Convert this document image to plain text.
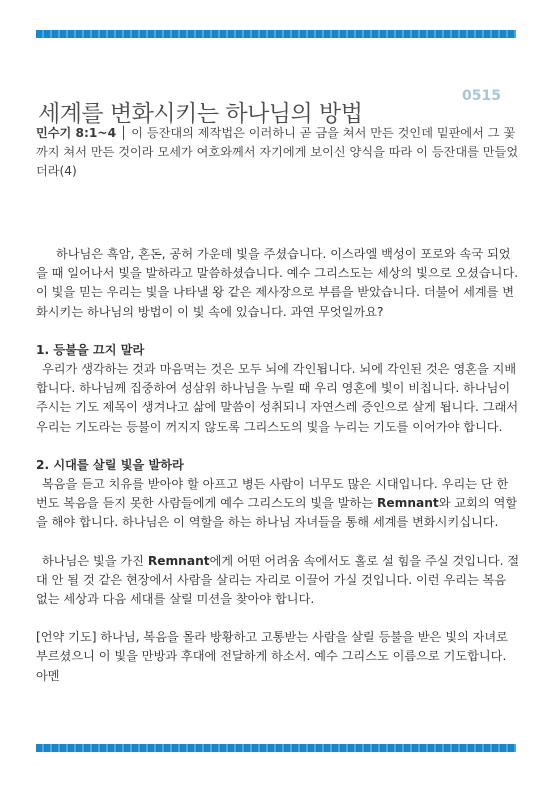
세계를 변화시키는 하나님의 방법
0515
민수기 8:1~4 │ 이 등잔대의 제작법은 이러하니 곧 금을 쳐서 만든 것인데 밑판에서 그 꽃까지 쳐서 만든 것이라 모세가 여호와께서 자기에게 보이신 양식을 따라 이 등잔대를 만들었더라(4)

하나님은 흑암, 혼돈, 공허 가운데 빛을 주셨습니다. 이스라엘 백성이 포로와 속국 되었을 때 일어나서 빛을 발하라고 말씀하셨습니다. 예수 그리스도는 세상의 빛으로 오셨습니다. 이 빛을 믿는 우리는 빛을 나타낼 왕 같은 제사장으로 부름을 받았습니다. 더불어 세계를 변화시키는 하나님의 방법이 이 빛 속에 있습니다. 과연 무엇일까요?

1. 등불을 끄지 말라

우리가 생각하는 것과 마음먹는 것은 모두 뇌에 각인됩니다. 뇌에 각인된 것은 영혼을 지배합니다. 하나님께 집중하여 성삼위 하나님을 누릴 때 우리 영혼에 빛이 비칩니다. 하나님이 주시는 기도 제목이 생겨나고 삶에 말씀이 성취되니 자연스레 증인으로 살게 됩니다. 그래서 우리는 기도라는 등불이 꺼지지 않도록 그리스도의 빛을 누리는 기도를 이어가야 합니다.

2. 시대를 살릴 빛을 발하라

복음을 듣고 치유를 받아야 할 아프고 병든 사람이 너무도 많은 시대입니다. 우리는 단 한 번도 복음을 듣지 못한 사람들에게 예수 그리스도의 빛을 발하는 Remnant와 교회의 역할을 해야 합니다. 하나님은 이 역할을 하는 하나님 자녀들을 통해 세계를 변화시키십니다.

하나님은 빛을 가진 Remnant에게 어떤 어려움 속에서도 홀로 설 힘을 주실 것입니다. 절대 안 될 것 같은 현장에서 사람을 살리는 자리로 이끌어 가실 것입니다. 이런 우리는 복음 없는 세상과 다음 세대를 살릴 미션을 찾아야 합니다.

[언약 기도] 하나님, 복음을 몰라 방황하고 고통받는 사람을 살릴 등불을 받은 빛의 자녀로 부르셨으니 이 빛을 만방과 후대에 전달하게 하소서. 예수 그리스도 이름으로 기도합니다. 아멘
